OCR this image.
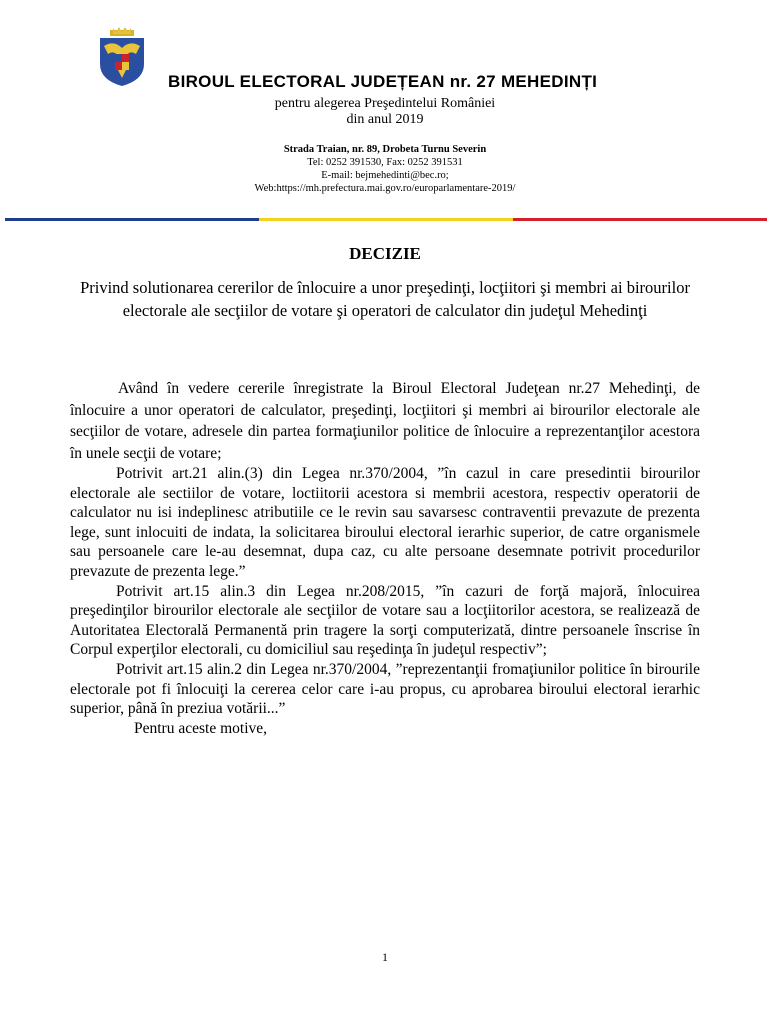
BIROUL ELECTORAL JUDEȚEAN nr. 27 MEHEDINȚI
pentru alegerea Preşedintelui României
din anul 2019
Strada Traian, nr. 89, Drobeta Turnu Severin
Tel: 0252 391530, Fax: 0252 391531
E-mail: bejmehedinti@bec.ro;
Web:https://mh.prefectura.mai.gov.ro/europarlamentare-2019/
DECIZIE
Privind solutionarea cererilor de înlocuire a unor preşedinţi, locţiitori şi membri ai birourilor electorale ale secţiilor de votare şi operatori de calculator din judeţul Mehedinţi

Având în vedere cererile înregistrate la Biroul Electoral Judeţean nr.27 Mehedinţi, de înlocuire a unor operatori de calculator, preşedinţi, locţiitori şi membri ai birourilor electorale ale secţiilor de votare, adresele din partea formaţiunilor politice de înlocuire a reprezentanţilor acestora în unele secţii de votare;

Potrivit art.21 alin.(3) din Legea nr.370/2004, ”în cazul in care presedintii birourilor electorale ale sectiilor de votare, loctiitorii acestora si membrii acestora, respectiv operatorii de calculator nu isi indeplinesc atributiile ce le revin sau savarsesc contraventii prevazute de prezenta lege, sunt inlocuiti de indata, la solicitarea biroului electoral ierarhic superior, de catre organismele sau persoanele care le-au desemnat, dupa caz, cu alte persoane desemnate potrivit procedurilor prevazute de prezenta lege.”

Potrivit art.15 alin.3 din Legea nr.208/2015, ”în cazuri de forţă majoră, înlocuirea preşedinţilor birourilor electorale ale secţiilor de votare sau a locţiitorilor acestora, se realizează de Autoritatea Electorală Permanentă prin tragere la sorţi computerizată, dintre persoanele înscrise în Corpul experţilor electorali, cu domiciliul sau reşedinţa în judeţul respectiv”;

Potrivit art.15 alin.2 din Legea nr.370/2004, ”reprezentanţii fromaţiunilor politice în birourile electorale pot fi înlocuiţi la cererea celor care i-au propus, cu aprobarea biroului electoral ierarhic superior, până în preziua votării...”

Pentru aceste motive,

1
